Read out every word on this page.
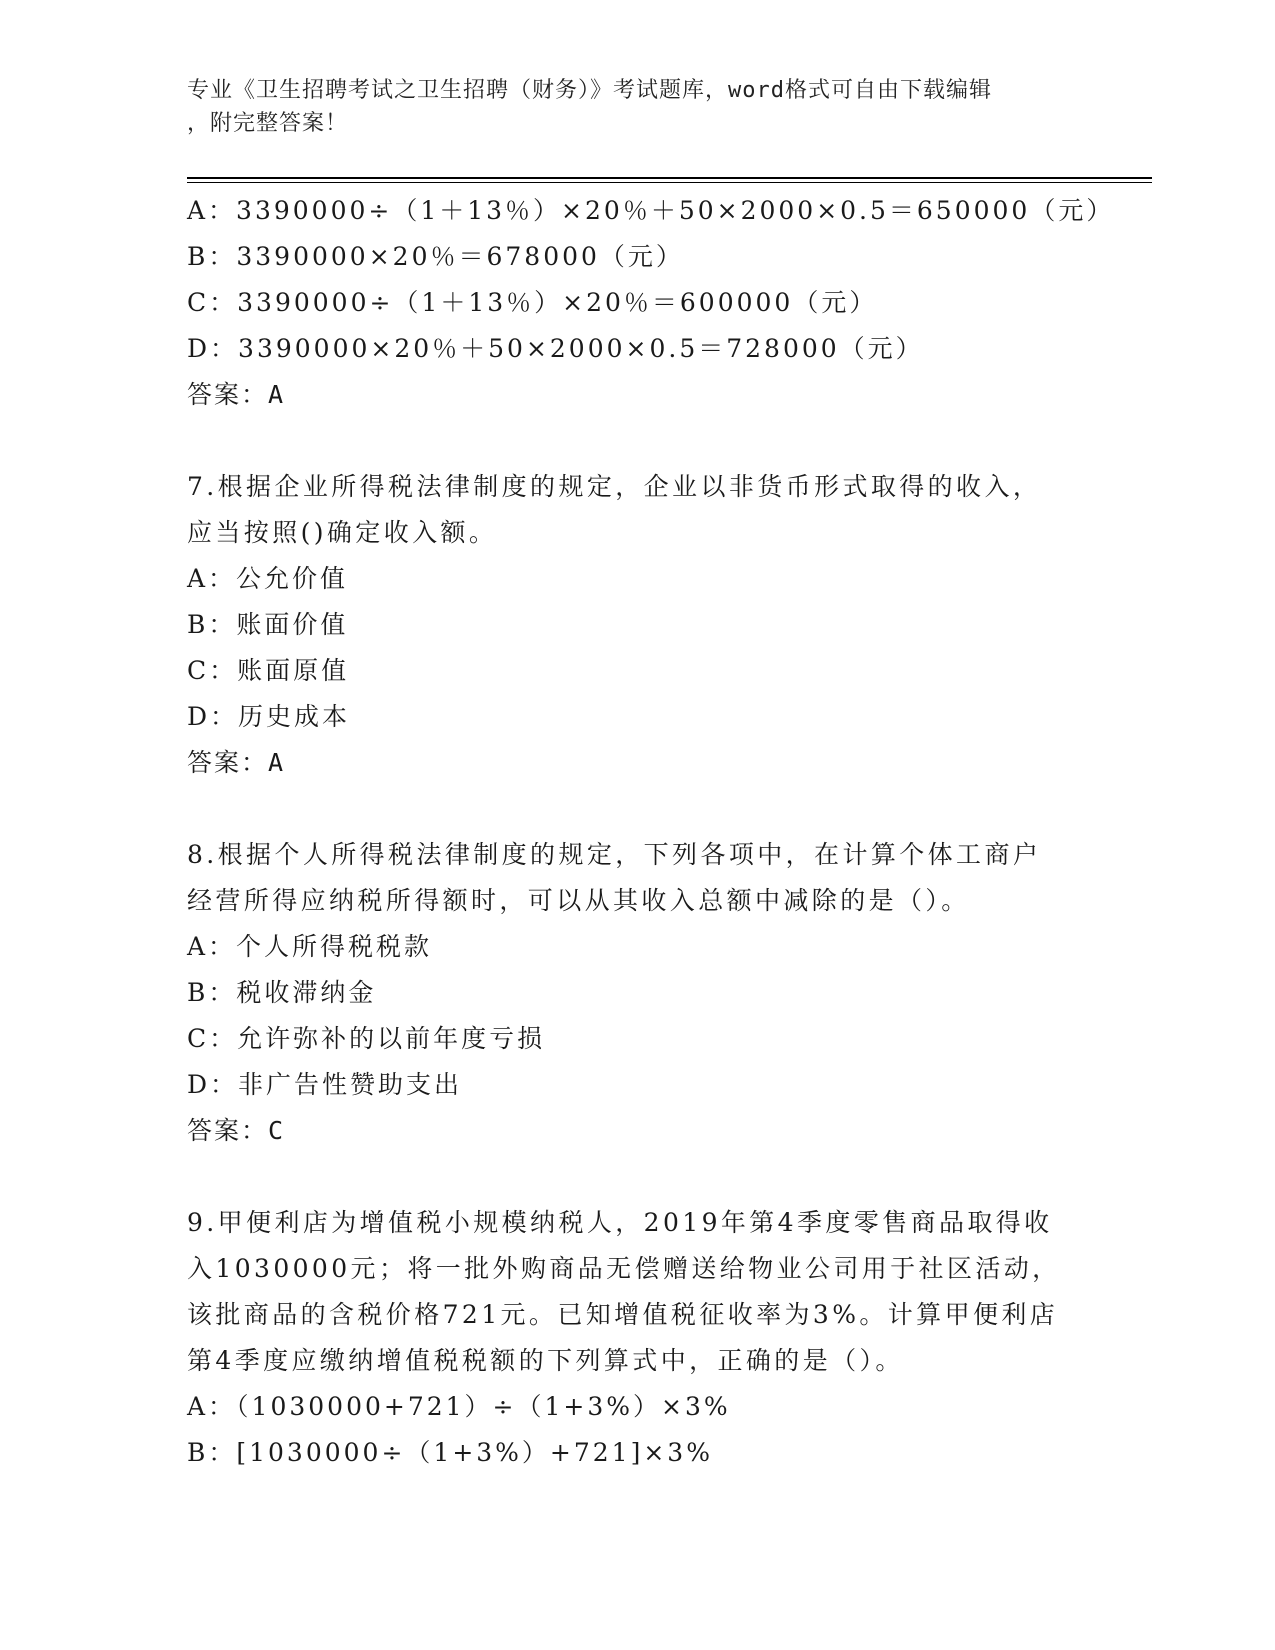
专业《卫生招聘考试之卫生招聘（财务）》考试题库，word格式可自由下载编辑
，附完整答案！
A：3390000÷（1＋13％）×20％＋50×2000×0.5＝650000（元）
B：3390000×20％＝678000（元）
C：3390000÷（1＋13％）×20％＝600000（元）
D：3390000×20％＋50×2000×0.5＝728000（元）
答案：A
7.根据企业所得税法律制度的规定，企业以非货币形式取得的收入，
应当按照()确定收入额。
A：公允价值
B：账面价值
C：账面原值
D：历史成本
答案：A
8.根据个人所得税法律制度的规定，下列各项中，在计算个体工商户
经营所得应纳税所得额时，可以从其收入总额中减除的是（）。
A：个人所得税税款
B：税收滞纳金
C：允许弥补的以前年度亏损
D：非广告性赞助支出
答案：C
9.甲便利店为增值税小规模纳税人，2019年第4季度零售商品取得收
入1030000元；将一批外购商品无偿赠送给物业公司用于社区活动，
该批商品的含税价格721元。已知增值税征收率为3%。计算甲便利店
第4季度应缴纳增值税税额的下列算式中，正确的是（）。
A：（1030000+721）÷（1+3%）×3%
B：[1030000÷（1+3%）+721]×3%
